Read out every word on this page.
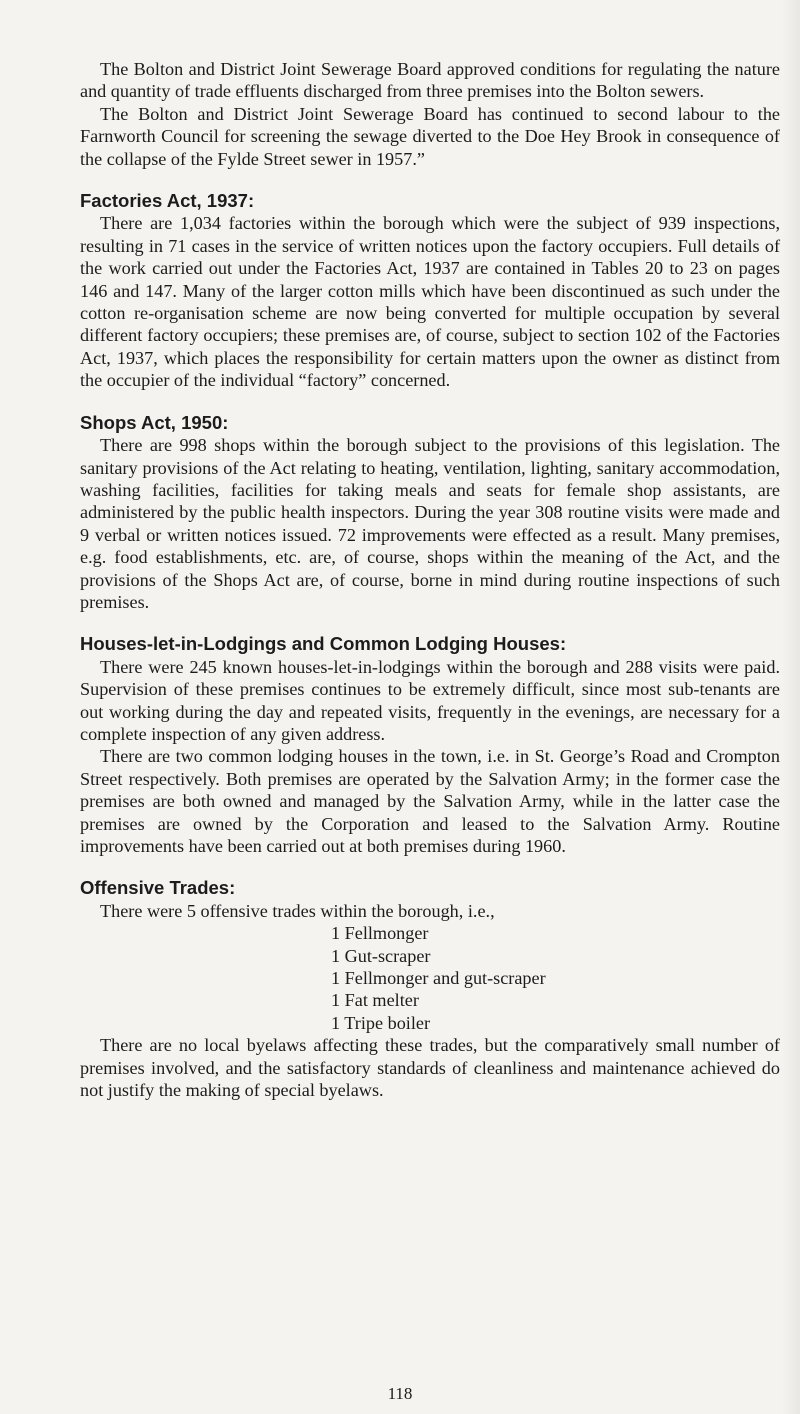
The Bolton and District Joint Sewerage Board approved conditions for regulating the nature and quantity of trade effluents discharged from three premises into the Bolton sewers.

The Bolton and District Joint Sewerage Board has continued to second labour to the Farnworth Council for screening the sewage diverted to the Doe Hey Brook in consequence of the collapse of the Fylde Street sewer in 1957.”

Factories Act, 1937:

There are 1,034 factories within the borough which were the subject of 939 inspections, resulting in 71 cases in the service of written notices upon the factory occupiers. Full details of the work carried out under the Factories Act, 1937 are contained in Tables 20 to 23 on pages 146 and 147. Many of the larger cotton mills which have been discontinued as such under the cotton re-organisation scheme are now being converted for multiple occupation by several different factory occupiers; these premises are, of course, subject to section 102 of the Factories Act, 1937, which places the responsibility for certain matters upon the owner as distinct from the occupier of the individual “factory” concerned.

Shops Act, 1950:

There are 998 shops within the borough subject to the provisions of this legislation. The sanitary provisions of the Act relating to heating, ventilation, lighting, sanitary accommodation, washing facilities, facilities for taking meals and seats for female shop assistants, are administered by the public health inspectors. During the year 308 routine visits were made and 9 verbal or written notices issued. 72 improvements were effected as a result. Many premises, e.g. food establishments, etc. are, of course, shops within the meaning of the Act, and the provisions of the Shops Act are, of course, borne in mind during routine inspections of such premises.

Houses-let-in-Lodgings and Common Lodging Houses:

There were 245 known houses-let-in-lodgings within the borough and 288 visits were paid. Supervision of these premises continues to be extremely difficult, since most sub-tenants are out working during the day and repeated visits, frequently in the evenings, are necessary for a complete inspection of any given address.

There are two common lodging houses in the town, i.e. in St. George’s Road and Crompton Street respectively. Both premises are operated by the Salvation Army; in the former case the premises are both owned and managed by the Salvation Army, while in the latter case the premises are owned by the Corporation and leased to the Salvation Army. Routine improvements have been carried out at both premises during 1960.

Offensive Trades:

There were 5 offensive trades within the borough, i.e.,

1 Fellmonger
1 Gut-scraper
1 Fellmonger and gut-scraper
1 Fat melter
1 Tripe boiler

There are no local byelaws affecting these trades, but the comparatively small number of premises involved, and the satisfactory standards of cleanliness and maintenance achieved do not justify the making of special byelaws.

118
